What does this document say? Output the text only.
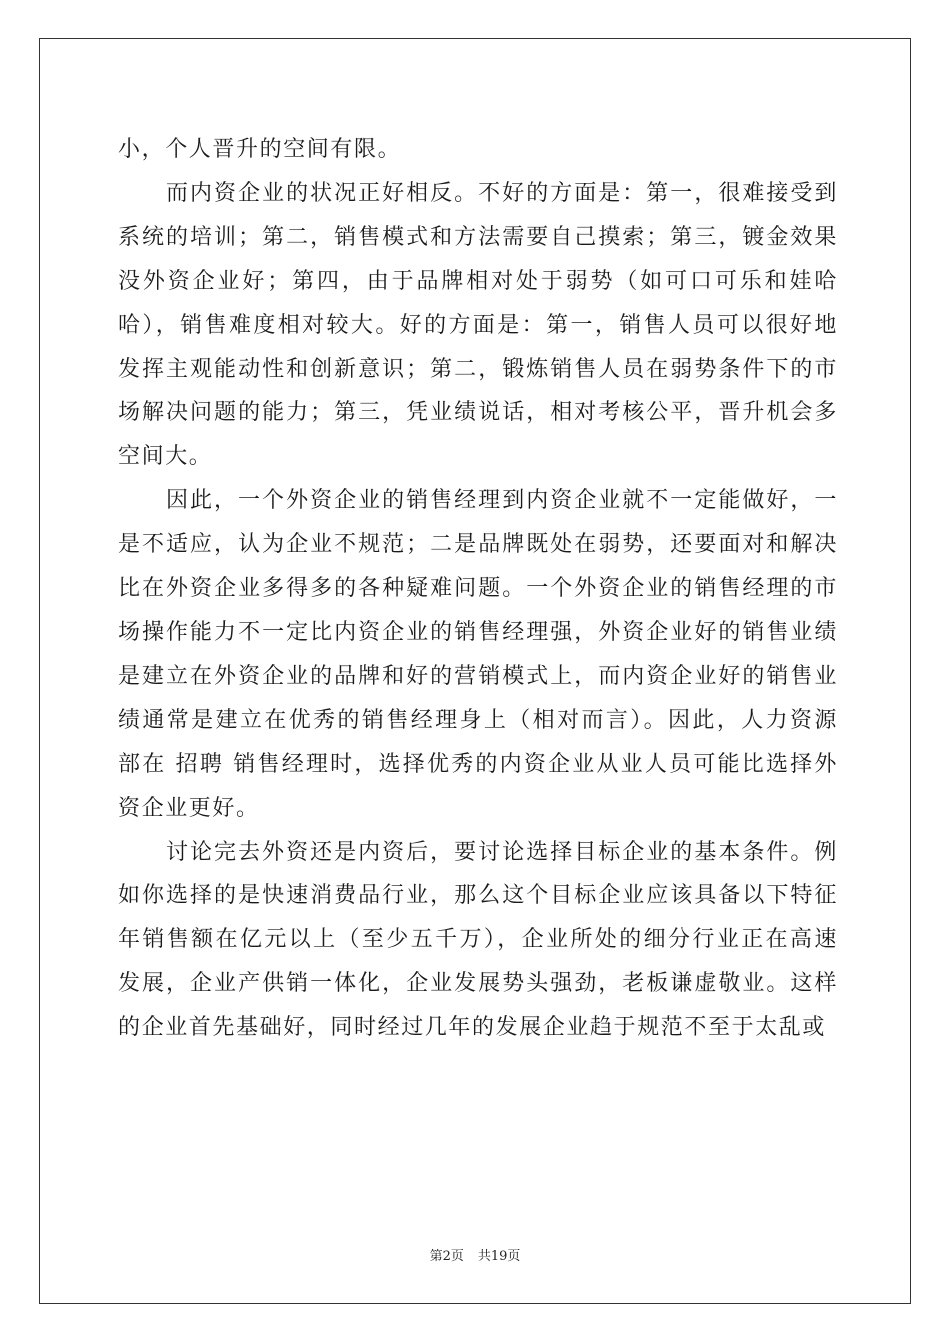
小，个人晋升的空间有限。

而内资企业的状况正好相反。不好的方面是：第一，很难接受到系统的培训；第二，销售模式和方法需要自己摸索；第三，镀金效果没外资企业好；第四，由于品牌相对处于弱势（如可口可乐和娃哈哈），销售难度相对较大。好的方面是：第一，销售人员可以很好地发挥主观能动性和创新意识；第二，锻炼销售人员在弱势条件下的市场解决问题的能力；第三，凭业绩说话，相对考核公平，晋升机会多空间大。

因此，一个外资企业的销售经理到内资企业就不一定能做好，一是不适应，认为企业不规范；二是品牌既处在弱势，还要面对和解决比在外资企业多得多的各种疑难问题。一个外资企业的销售经理的市场操作能力不一定比内资企业的销售经理强，外资企业好的销售业绩是建立在外资企业的品牌和好的营销模式上，而内资企业好的销售业绩通常是建立在优秀的销售经理身上（相对而言）。因此，人力资源部在 招聘 销售经理时，选择优秀的内资企业从业人员可能比选择外资企业更好。

讨论完去外资还是内资后，要讨论选择目标企业的基本条件。例如你选择的是快速消费品行业，那么这个目标企业应该具备以下特征年销售额在亿元以上（至少五千万），企业所处的细分行业正在高速发展，企业产供销一体化，企业发展势头强劲，老板谦虚敬业。这样的企业首先基础好，同时经过几年的发展企业趋于规范不至于太乱或

第2页 共19页
